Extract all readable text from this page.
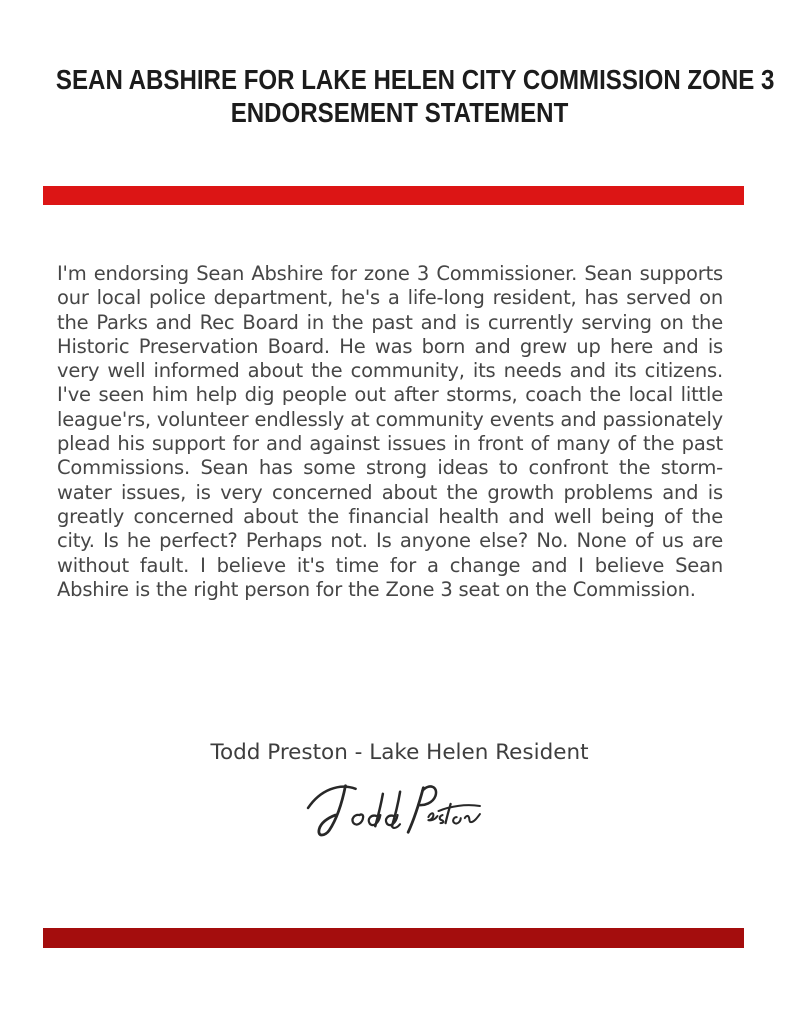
SEAN ABSHIRE FOR LAKE HELEN CITY COMMISSION ZONE 3
ENDORSEMENT STATEMENT

I'm endorsing Sean Abshire for zone 3 Commissioner. Sean supports our local police department, he's a life-long resident, has served on the Parks and Rec Board in the past and is currently serving on the Historic Preservation Board. He was born and grew up here and is very well informed about the community, its needs and its citizens. I've seen him help dig people out after storms, coach the local little league'rs, volunteer endlessly at community events and passionately plead his support for and against issues in front of many of the past Commissions. Sean has some strong ideas to confront the storm-water issues, is very concerned about the growth problems and is greatly concerned about the financial health and well being of the city. Is he perfect? Perhaps not. Is anyone else? No. None of us are without fault. I believe it's time for a change and I believe Sean Abshire is the right person for the Zone 3 seat on the Commission.

Todd Preston - Lake Helen Resident
